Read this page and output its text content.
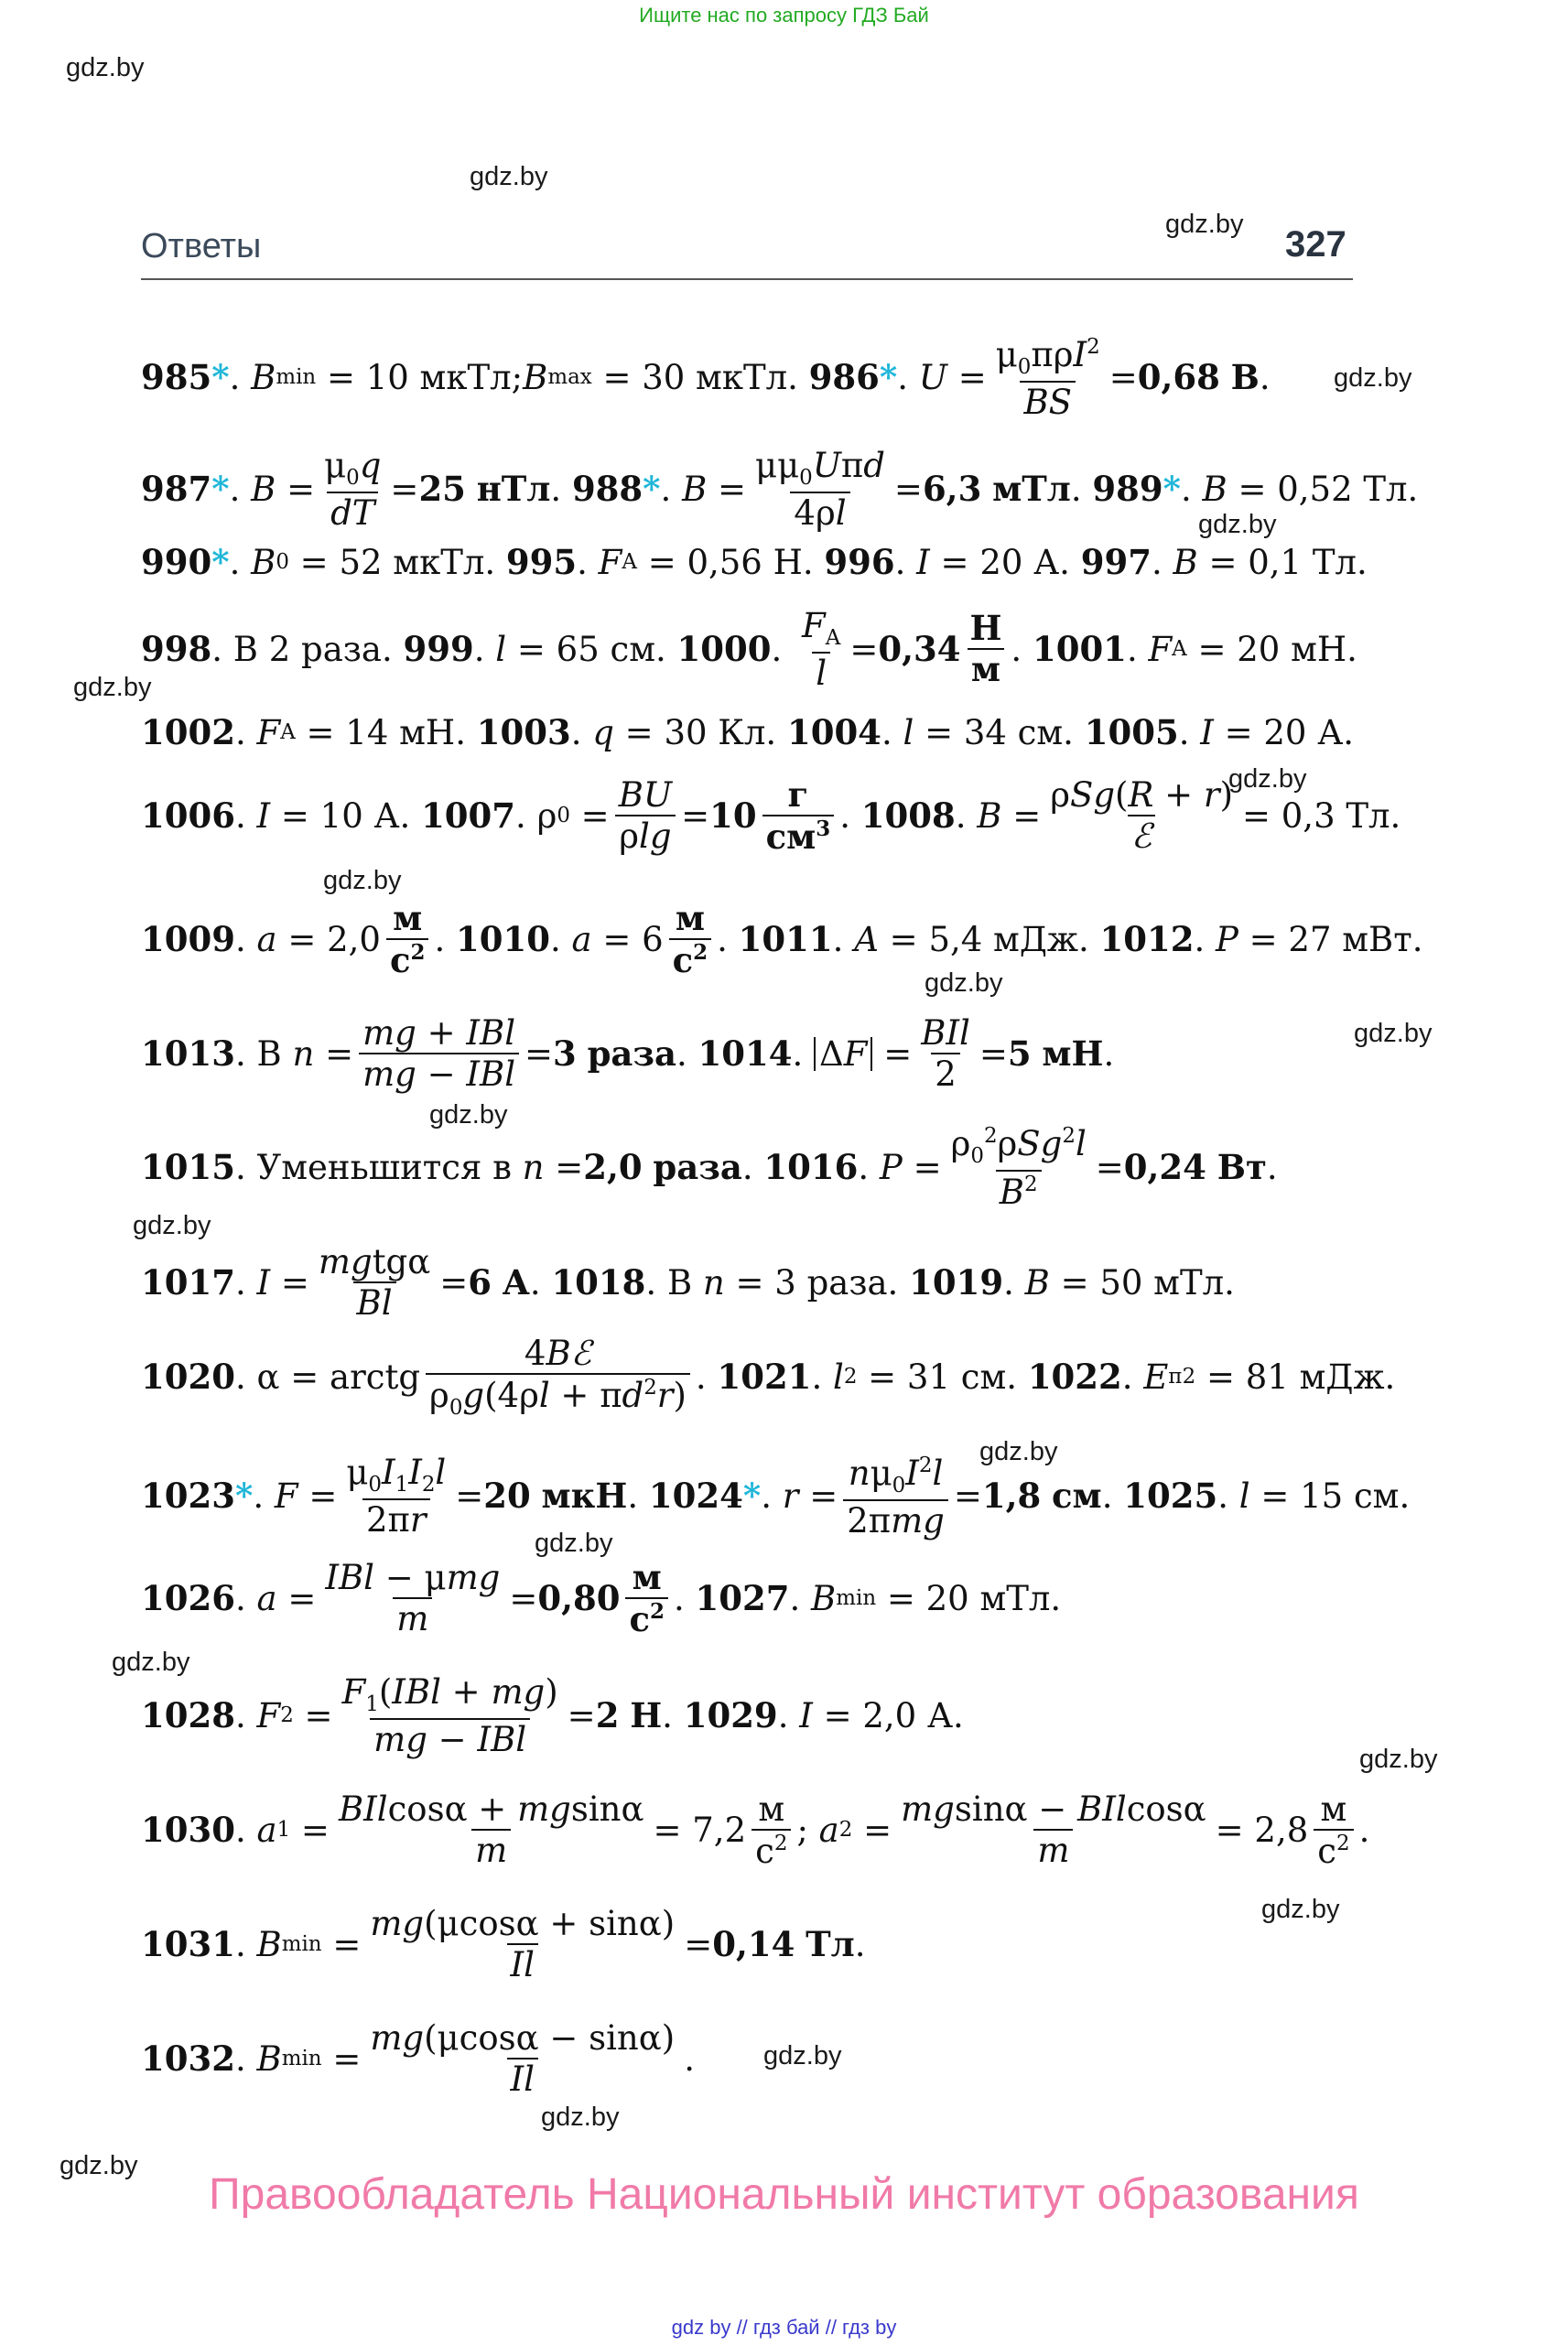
Ищите нас по запросу ГДЗ Бай
gdz.by
gdz.by
gdz.by
gdz.by
gdz.by
gdz.by
gdz.by
gdz.by
gdz.by
gdz.by
gdz.by
gdz.by
gdz.by
gdz.by
gdz.by
gdz.by
gdz.by
gdz.by
gdz.by
gdz.by
Ответы	327
985 * . B min = 10 мкТл; B max = 30 мкТл. 986 * . $U = \frac{\mu_0\pi\rho I^2}{BS} = 0,68$
В .
987 * . $B = \frac{\mu_0q}{dT} = 25$
нТл . 988 * . $B = \frac{\mu\mu_0U\pi d}{4\rho l} = 6,3$
мТл . 989 * . B = 0,52 Тл.
990 * . B 0 = 52 мкТл. 995 . F A = 0,56 Н. 996 . I = 20 А. 997 . B = 0,1 Тл.
998 . В 2 раза. 999 . l = 65 см. 1000 . $\frac{F_A}{l} = 0,34 \frac{Н}{м}$ . 1001 . F A = 20 мН.
1002 . F A = 14 мН. 1003 . q = 30 Кл. 1004 . l = 34 см. 1005 . I = 20 А.
1006 . I = 10 А. 1007 . ρ $0 = \frac{BU}{\rho\lg} = 10 \frac{г}{см^3}$ . 1008 . $B = \frac{\text{ρSg(R + r)}}{\text{ℰ}} = 0,3$ Тл.
1009 . $a = 2,0 \frac{м}{с^2}$ . 1010 . $a = 6 \frac{м}{с^2}$ . 1011 . A = 5,4 мДж. 1012 . P = 27 мВт.
1013 . В $n = \frac{\text{mg + IBl}}{\text{mg − IBl}} = 3$
раза . 1014 . $\Delta F = \frac{\text{BIl}}{2} = 5$
мН .
1015 . Уменьшится в n = 2,0
раза . 1016 . $P = \frac{\rho_0^2\rho Sg^2l}{B^2} = 0,24$
Вт .
1017 . $I = \frac{\text{mgtgα}}{Bl} = 6$
А . 1018 . В n = 3 раза. 1019 . B = 50 мТл.
1020 . α = arctg $\frac{\text{4Bℰ}}{\rho_0g(4\rho l + \pi d^2r)}$ . 1021 . l 2 = 31 см. 1022 . E п2 = 81 мДж.
1023 * . $F = \frac{\mu_0I_1I_2l}{2\pi r} = 20$
мкН . 1024 * . $r = \frac{n\mu_0I^2l}{\text{2πmg}} = 1,8$
см . 1025 . l = 15 см.
1026 . $a = \frac{\text{IBl − μmg}}{m} = 0,80 \frac{м}{с^2}$ . 1027 . B min = 20 мТл.
1028 . F $2 = \frac{F_1(IBl + mg)}{\text{mg − IBl}} = 2$
Н . 1029 . I = 2,0 А.
1030 . a $1 = \frac{\text{BIlcosα + mgsinα}}{m} = 7,2 \frac{м}{с^2}$ ; a $2 = \frac{\text{mgsinα − BIlcosα}}{m} = 2,8 \frac{м}{с^2}$ .
1031 . B $\min = \frac{mg(\mu\cos\alpha + \sin\alpha)}{Il} = 0,14$
Тл .
1032 . B $\min = \frac{mg(\mu\cos\alpha - \sin\alpha)}{Il}$ .
Правообладатель Национальный институт образования
gdz by // гдз бай // гдз by
